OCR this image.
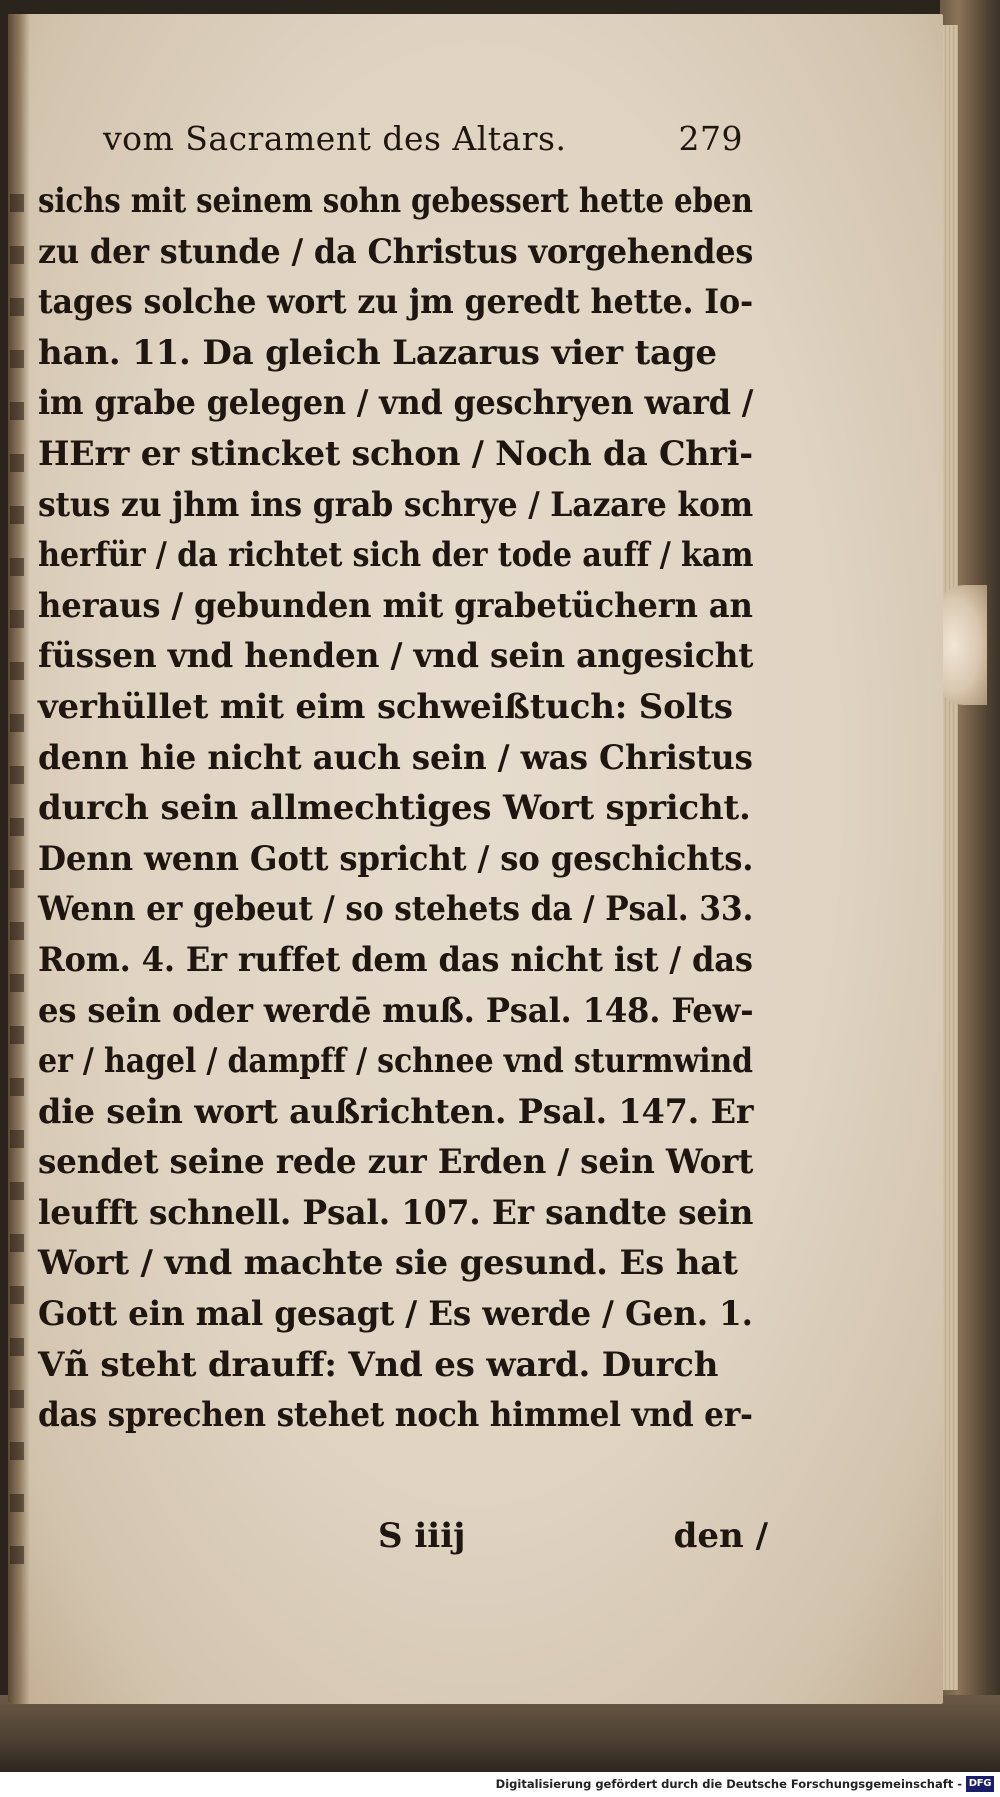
vom Sacrament des Altars.	279
sichs mit seinem sohn gebessert hette eben
zu der stunde / da Christus vorgehendes
tages solche wort zu jm geredt hette. Io-
han. 11. Da gleich Lazarus vier tage
im grabe gelegen / vnd geschryen ward /
HErr er stincket schon / Noch da Chri-
stus zu jhm ins grab schrye / Lazare kom
herfür / da richtet sich der tode auff / kam
heraus / gebunden mit grabetüchern an
füssen vnd henden / vnd sein angesicht
verhüllet mit eim schweißtuch: Solts
denn hie nicht auch sein / was Christus
durch sein allmechtiges Wort spricht.
Denn wenn Gott spricht / so geschichts.
Wenn er gebeut / so stehets da / Psal. 33.
Rom. 4. Er ruffet dem das nicht ist / das
es sein oder werdē muß. Psal. 148. Few-
er / hagel / dampff / schnee vnd sturmwind
die sein wort außrichten. Psal. 147. Er
sendet seine rede zur Erden / sein Wort
leufft schnell. Psal. 107. Er sandte sein
Wort / vnd machte sie gesund. Es hat
Gott ein mal gesagt / Es werde / Gen. 1.
Vñ steht drauff: Vnd es ward. Durch
das sprechen stehet noch himmel vnd er-
S iiij	den /
Digitalisierung gefördert durch die Deutsche Forschungsgemeinschaft - DFG
